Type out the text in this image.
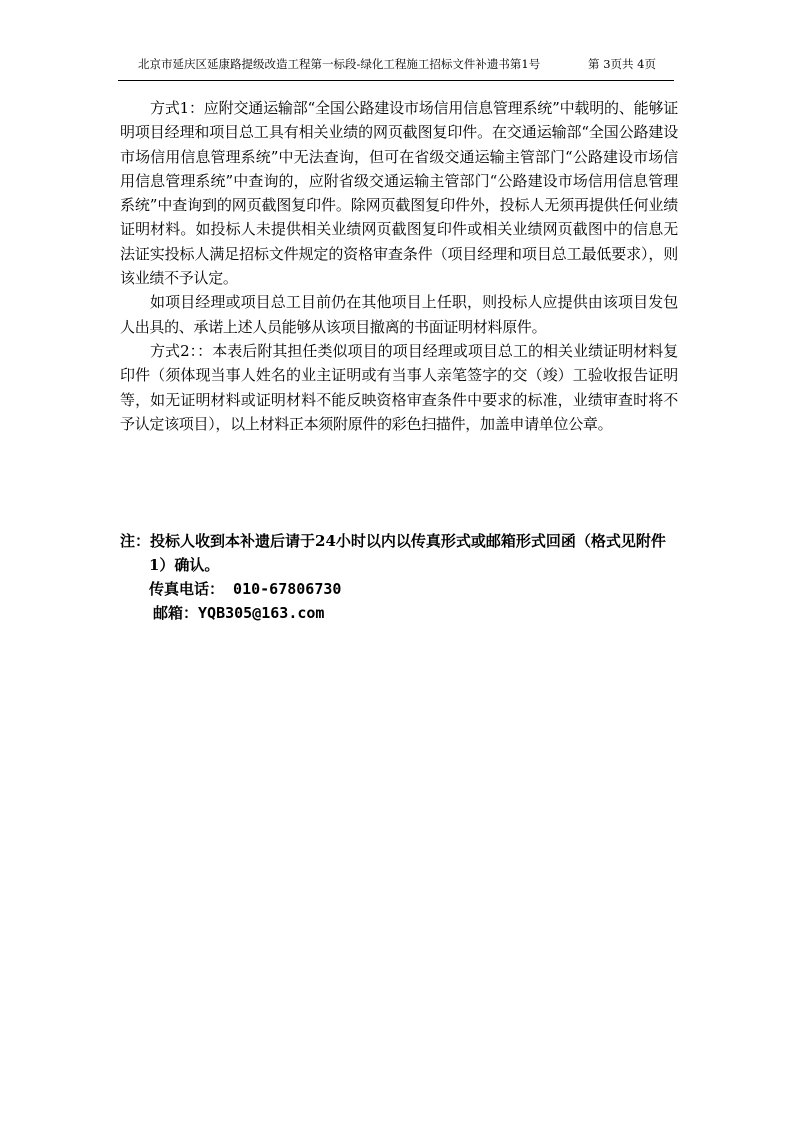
北京市延庆区延康路提级改造工程第一标段-绿化工程施工招标文件补遗书第1号	第 3页共 4页

方式1：应附交通运输部“全国公路建设市场信用信息管理系统”中载明的、能够证明项目经理和项目总工具有相关业绩的网页截图复印件。在交通运输部“全国公路建设市场信用信息管理系统”中无法查询，但可在省级交通运输主管部门“公路建设市场信用信息管理系统”中查询的，应附省级交通运输主管部门“公路建设市场信用信息管理系统”中查询到的网页截图复印件。除网页截图复印件外，投标人无须再提供任何业绩证明材料。如投标人未提供相关业绩网页截图复印件或相关业绩网页截图中的信息无法证实投标人满足招标文件规定的资格审查条件（项目经理和项目总工最低要求），则该业绩不予认定。

如项目经理或项目总工目前仍在其他项目上任职，则投标人应提供由该项目发包人出具的、承诺上述人员能够从该项目撤离的书面证明材料原件。

方式2：：本表后附其担任类似项目的项目经理或项目总工的相关业绩证明材料复印件（须体现当事人姓名的业主证明或有当事人亲笔签字的交（竣）工验收报告证明等，如无证明材料或证明材料不能反映资格审查条件中要求的标准，业绩审查时将不予认定该项目），以上材料正本须附原件的彩色扫描件，加盖申请单位公章。

注：投标人收到本补遗后请于24小时以内以传真形式或邮箱形式回函（格式见附件1）确认。

传真电话： 010-67806730

邮箱：YQB305@163.com
